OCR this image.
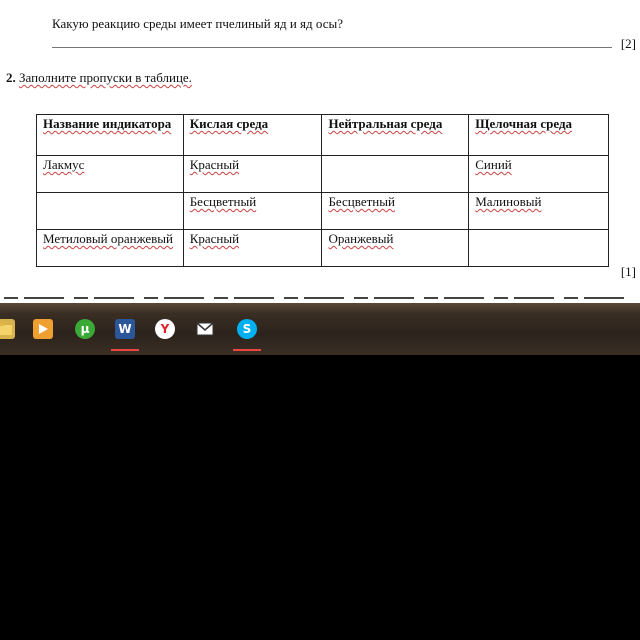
Какую реакцию среды имеет пчелиный яд и яд осы?
[2]
2. Заполните пропуски в таблице.
Название индикатора	Кислая среда	Нейтральная среда	Щелочная среда
Лакмус	Красный		Синий
	Бесцветный	Бесцветный	Малиновый
Метиловый оранжевый	Красный	Оранжевый	
[1]
µ	W	Y	S
